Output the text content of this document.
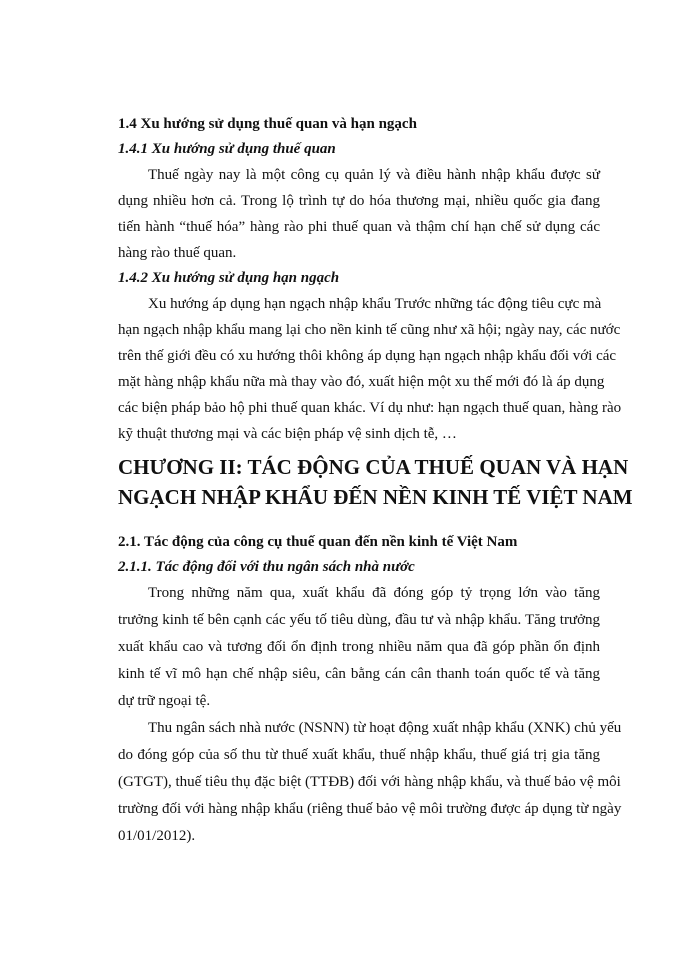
1.4 Xu hướng sử dụng thuế quan và hạn ngạch
1.4.1 Xu hướng sử dụng thuế quan
Thuế ngày nay là một công cụ quản lý và điều hành nhập khẩu được sử
dụng nhiều hơn cả. Trong lộ trình tự do hóa thương mại, nhiều quốc gia đang
tiến hành “thuế hóa” hàng rào phi thuế quan và thậm chí hạn chế sử dụng các
hàng rào thuế quan.
1.4.2 Xu hướng sử dụng hạn ngạch
Xu hướng áp dụng hạn ngạch nhập khẩu Trước những tác động tiêu cực mà
hạn ngạch nhập khẩu mang lại cho nền kinh tế cũng như xã hội; ngày nay, các nước
trên thế giới đều có xu hướng thôi không áp dụng hạn ngạch nhập khẩu đối với các
mặt hàng nhập khẩu nữa mà thay vào đó, xuất hiện một xu thế mới đó là áp dụng
các biện pháp bảo hộ phi thuế quan khác. Ví dụ như: hạn ngạch thuế quan, hàng rào
kỹ thuật thương mại và các biện pháp vệ sinh dịch tễ, …
CHƯƠNG II: TÁC ĐỘNG CỦA THUẾ QUAN VÀ HẠN
NGẠCH NHẬP KHẨU ĐẾN NỀN KINH TẾ VIỆT NAM
2.1. Tác động của công cụ thuế quan đến nền kinh tế Việt Nam
2.1.1. Tác động đối với thu ngân sách nhà nước
Trong những năm qua, xuất khẩu đã đóng góp tỷ trọng lớn vào tăng
trưởng kinh tế bên cạnh các yếu tố tiêu dùng, đầu tư và nhập khẩu. Tăng trưởng
xuất khẩu cao và tương đối ổn định trong nhiều năm qua đã góp phần ổn định
kinh tế vĩ mô hạn chế nhập siêu, cân bằng cán cân thanh toán quốc tế và tăng
dự trữ ngoại tệ.
Thu ngân sách nhà nước (NSNN) từ hoạt động xuất nhập khẩu (XNK) chủ yếu
do đóng góp của số thu từ thuế xuất khẩu, thuế nhập khẩu, thuế giá trị gia tăng
(GTGT), thuế tiêu thụ đặc biệt (TTĐB) đối với hàng nhập khẩu, và thuế bảo vệ môi
trường đối với hàng nhập khẩu (riêng thuế bảo vệ môi trường được áp dụng từ ngày
01/01/2012).
